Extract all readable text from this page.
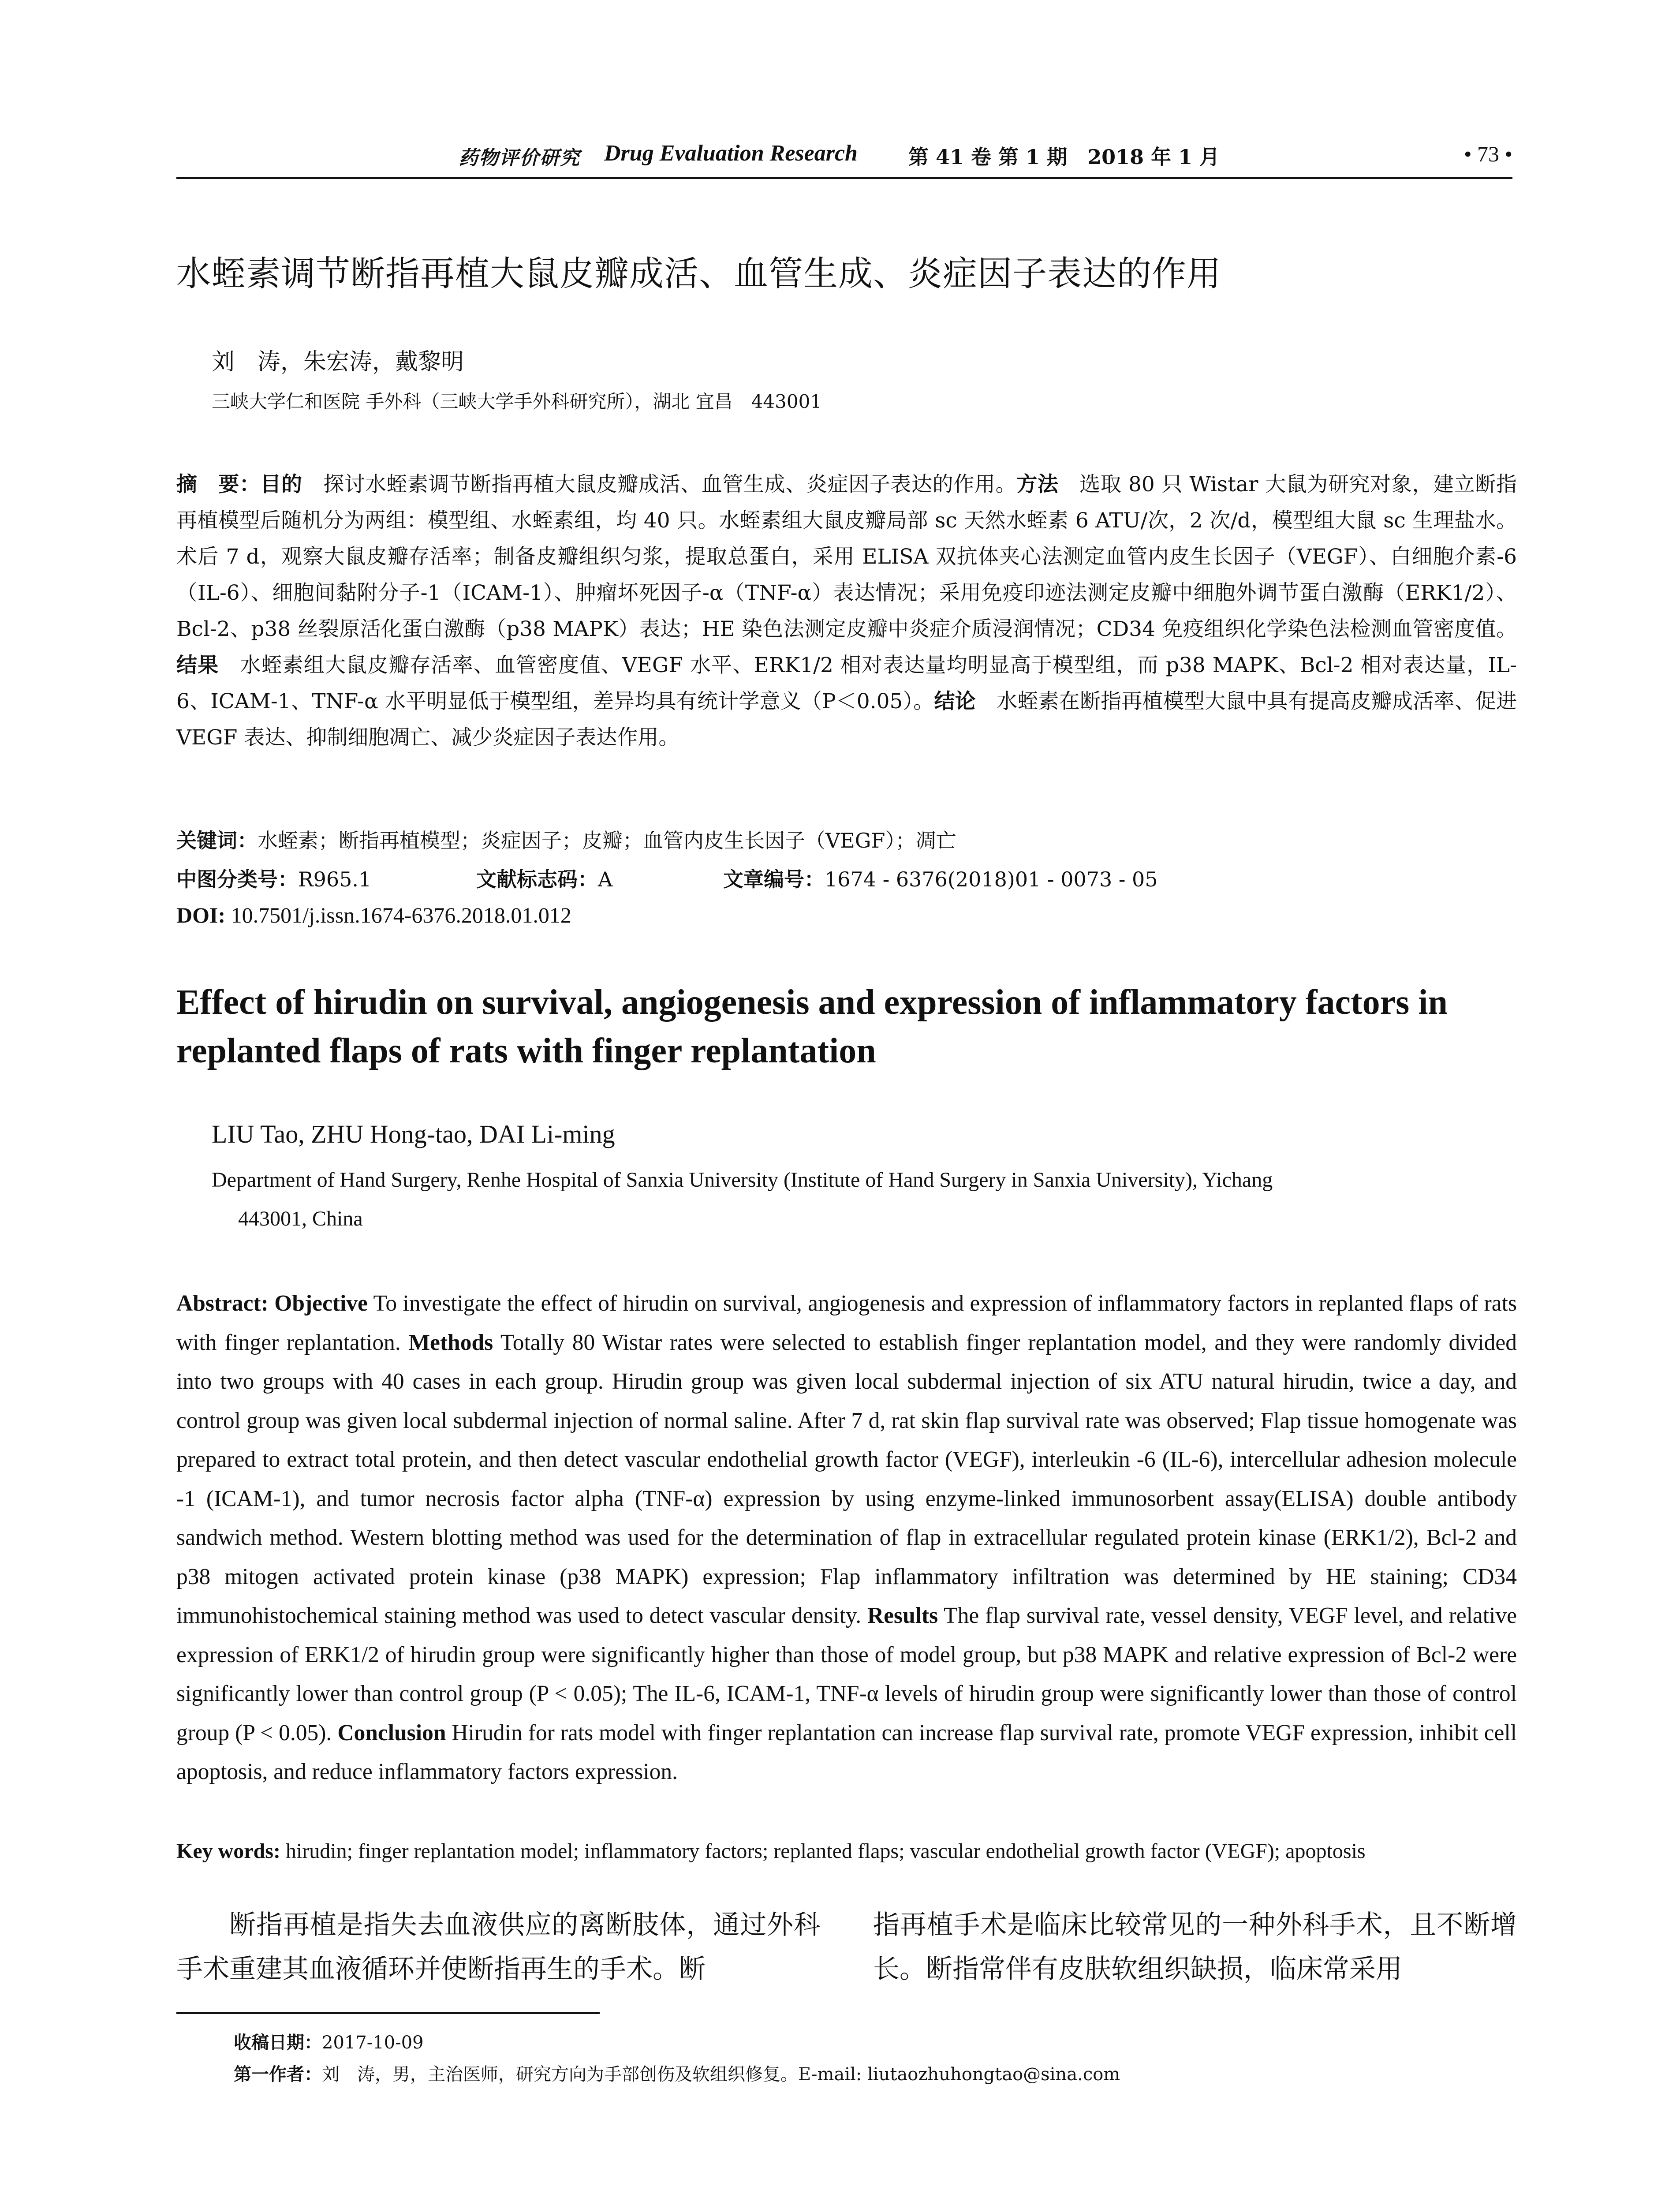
药物评价研究 Drug Evaluation Research	第 41 卷 第 1 期　2018 年 1 月	• 73 •
水蛭素调节断指再植大鼠皮瓣成活、血管生成、炎症因子表达的作用
刘　涛，朱宏涛，戴黎明
三峡大学仁和医院 手外科（三峡大学手外科研究所），湖北 宜昌　443001
摘　要：目的　探讨水蛭素调节断指再植大鼠皮瓣成活、血管生成、炎症因子表达的作用。方法　选取 80 只 Wistar 大鼠为研究对象，建立断指再植模型后随机分为两组：模型组、水蛭素组，均 40 只。水蛭素组大鼠皮瓣局部 sc 天然水蛭素 6 ATU/次，2 次/d，模型组大鼠 sc 生理盐水。术后 7 d，观察大鼠皮瓣存活率；制备皮瓣组织匀浆，提取总蛋白，采用 ELISA 双抗体夹心法测定血管内皮生长因子（VEGF）、白细胞介素-6（IL-6）、细胞间黏附分子-1（ICAM-1）、肿瘤坏死因子-α（TNF-α）表达情况；采用免疫印迹法测定皮瓣中细胞外调节蛋白激酶（ERK1/2）、Bcl-2、p38 丝裂原活化蛋白激酶（p38 MAPK）表达；HE 染色法测定皮瓣中炎症介质浸润情况；CD34 免疫组织化学染色法检测血管密度值。结果　水蛭素组大鼠皮瓣存活率、血管密度值、VEGF 水平、ERK1/2 相对表达量均明显高于模型组，而 p38 MAPK、Bcl-2 相对表达量，IL-6、ICAM-1、TNF-α 水平明显低于模型组，差异均具有统计学意义（P＜0.05）。结论　水蛭素在断指再植模型大鼠中具有提高皮瓣成活率、促进 VEGF 表达、抑制细胞凋亡、减少炎症因子表达作用。
关键词：水蛭素；断指再植模型；炎症因子；皮瓣；血管内皮生长因子（VEGF）；凋亡
中图分类号：R965.1	文献标志码：A	文章编号：1674 - 6376(2018)01 - 0073 - 05
DOI: 10.7501/j.issn.1674-6376.2018.01.012
Effect of hirudin on survival, angiogenesis and expression of inflammatory factors in replanted flaps of rats with finger replantation
LIU Tao, ZHU Hong-tao, DAI Li-ming
Department of Hand Surgery, Renhe Hospital of Sanxia University (Institute of Hand Surgery in Sanxia University), Yichang
443001, China
Abstract: Objective To investigate the effect of hirudin on survival, angiogenesis and expression of inflammatory factors in replanted flaps of rats with finger replantation. Methods Totally 80 Wistar rates were selected to establish finger replantation model, and they were randomly divided into two groups with 40 cases in each group. Hirudin group was given local subdermal injection of six ATU natural hirudin, twice a day, and control group was given local subdermal injection of normal saline. After 7 d, rat skin flap survival rate was observed; Flap tissue homogenate was prepared to extract total protein, and then detect vascular endothelial growth factor (VEGF), interleukin -6 (IL-6), intercellular adhesion molecule -1 (ICAM-1), and tumor necrosis factor alpha (TNF-α) expression by using enzyme-linked immunosorbent assay(ELISA) double antibody sandwich method. Western blotting method was used for the determination of flap in extracellular regulated protein kinase (ERK1/2), Bcl-2 and p38 mitogen activated protein kinase (p38 MAPK) expression; Flap inflammatory infiltration was determined by HE staining; CD34 immunohistochemical staining method was used to detect vascular density. Results The flap survival rate, vessel density, VEGF level, and relative expression of ERK1/2 of hirudin group were significantly higher than those of model group, but p38 MAPK and relative expression of Bcl-2 were significantly lower than control group (P < 0.05); The IL-6, ICAM-1, TNF-α levels of hirudin group were significantly lower than those of control group (P < 0.05). Conclusion Hirudin for rats model with finger replantation can increase flap survival rate, promote VEGF expression, inhibit cell apoptosis, and reduce inflammatory factors expression.
Key words: hirudin; finger replantation model; inflammatory factors; replanted flaps; vascular endothelial growth factor (VEGF); apoptosis
断指再植是指失去血液供应的离断肢体，通过外科手术重建其血液循环并使断指再生的手术。断
指再植手术是临床比较常见的一种外科手术，且不断增长。断指常伴有皮肤软组织缺损，临床常采用
收稿日期：2017-10-09
第一作者：刘　涛，男，主治医师，研究方向为手部创伤及软组织修复。E-mail: liutaozhuhongtao@sina.com
